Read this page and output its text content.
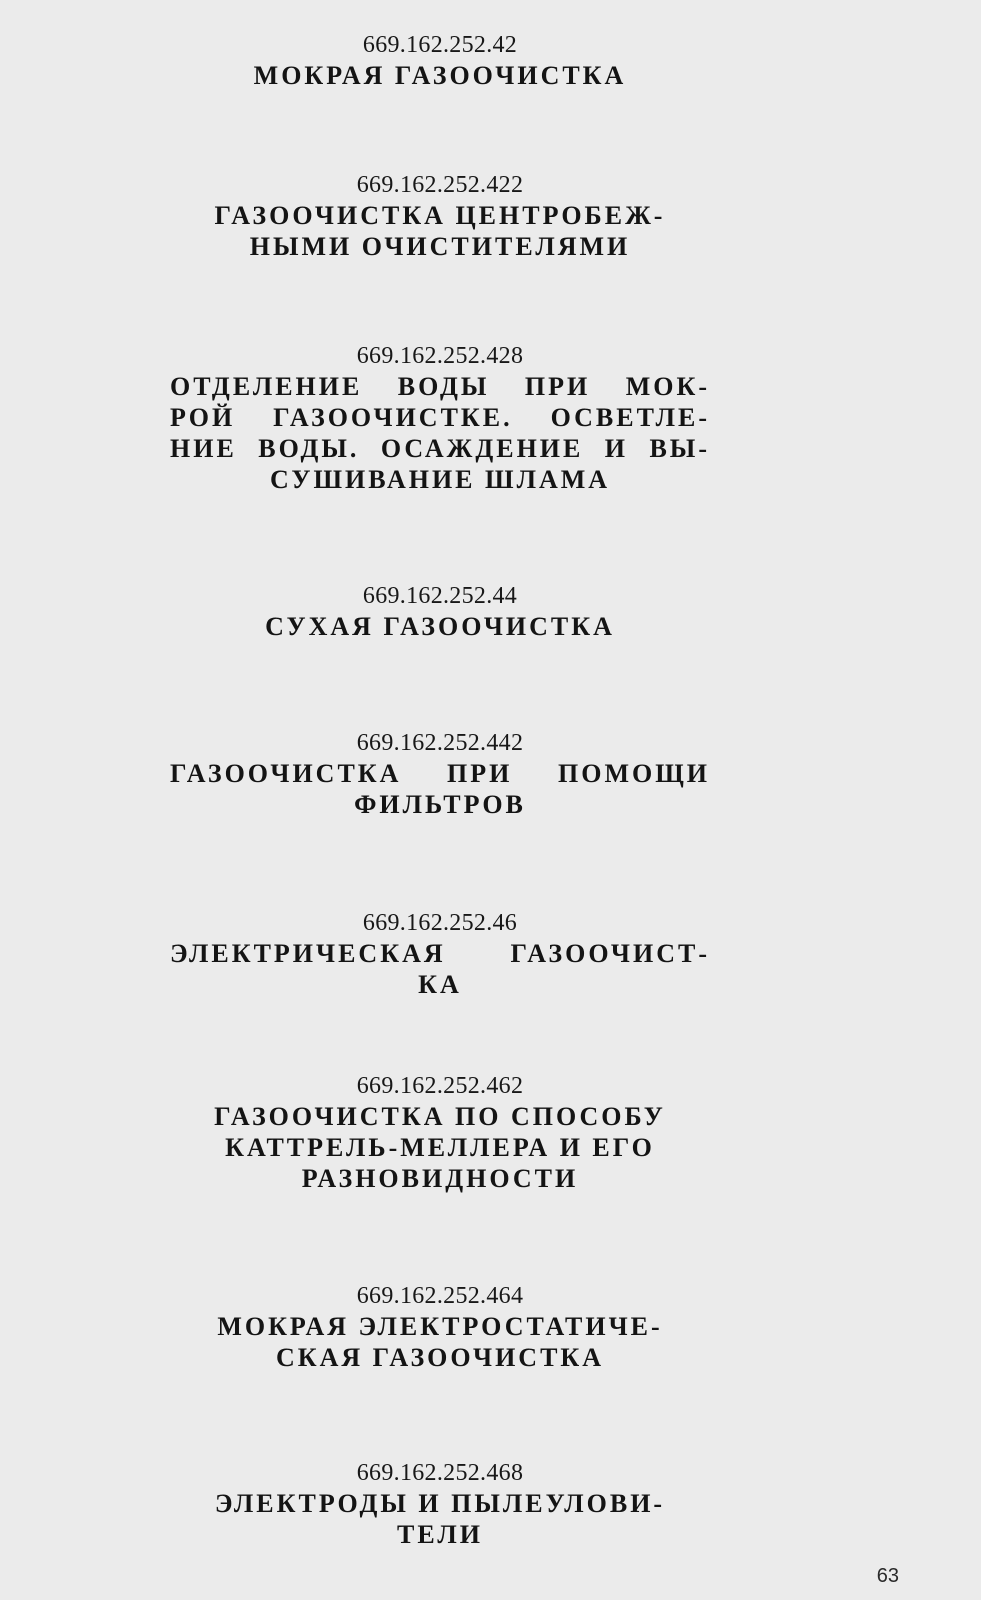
669.162.252.42
МОКРАЯ ГАЗООЧИСТКА
669.162.252.422
ГАЗООЧИСТКА ЦЕНТРОБЕЖ-
НЫМИ ОЧИСТИТЕЛЯМИ
669.162.252.428
ОТДЕЛЕНИЕ ВОДЫ ПРИ МОК-
РОЙ ГАЗООЧИСТКЕ. ОСВЕТЛЕ-
НИЕ ВОДЫ. ОСАЖДЕНИЕ И ВЫ-
СУШИВАНИЕ ШЛАМА
669.162.252.44
СУХАЯ ГАЗООЧИСТКА
669.162.252.442
ГАЗООЧИСТКА ПРИ ПОМОЩИ
ФИЛЬТРОВ
669.162.252.46
ЭЛЕКТРИЧЕСКАЯ ГАЗООЧИСТ-
КА
669.162.252.462
ГАЗООЧИСТКА ПО СПОСОБУ
КАТТРЕЛЬ-МЕЛЛЕРА И ЕГО
РАЗНОВИДНОСТИ
669.162.252.464
МОКРАЯ ЭЛЕКТРОСТАТИЧЕ-
СКАЯ ГАЗООЧИСТКА
669.162.252.468
ЭЛЕКТРОДЫ И ПЫЛЕУЛОВИ-
ТЕЛИ
63
